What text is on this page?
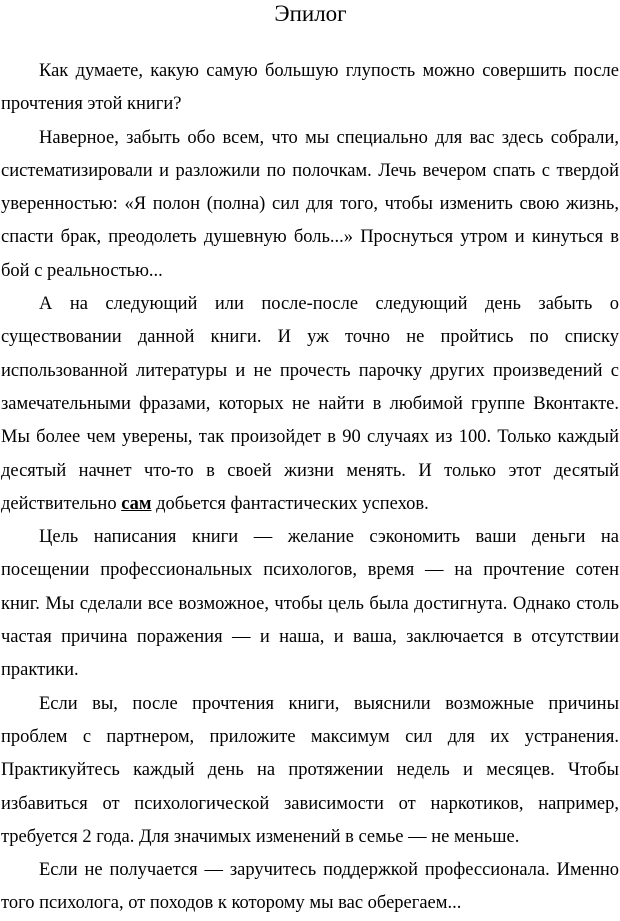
Эпилог

Как думаете, какую самую большую глупость можно совершить после прочтения этой книги?

Наверное, забыть обо всем, что мы специально для вас здесь собрали, систематизировали и разложили по полочкам. Лечь вечером спать с твердой уверенностью: «Я полон (полна) сил для того, чтобы изменить свою жизнь, спасти брак, преодолеть душевную боль...» Проснуться утром и кинуться в бой с реальностью...

А на следующий или после-после следующий день забыть о существовании данной книги. И уж точно не пройтись по списку использованной литературы и не прочесть парочку других произведений с замечательными фразами, которых не найти в любимой группе Вконтакте. Мы более чем уверены, так произойдет в 90 случаях из 100. Только каждый десятый начнет что-то в своей жизни менять. И только этот десятый действительно сам добьется фантастических успехов.

Цель написания книги — желание сэкономить ваши деньги на посещении профессиональных психологов, время — на прочтение сотен книг. Мы сделали все возможное, чтобы цель была достигнута. Однако столь частая причина поражения — и наша, и ваша, заключается в отсутствии практики.

Если вы, после прочтения книги, выяснили возможные причины проблем с партнером, приложите максимум сил для их устранения. Практикуйтесь каждый день на протяжении недель и месяцев. Чтобы избавиться от психологической зависимости от наркотиков, например, требуется 2 года. Для значимых изменений в семье — не меньше.

Если не получается — заручитесь поддержкой профессионала. Именно того психолога, от походов к которому мы вас оберегаем...
